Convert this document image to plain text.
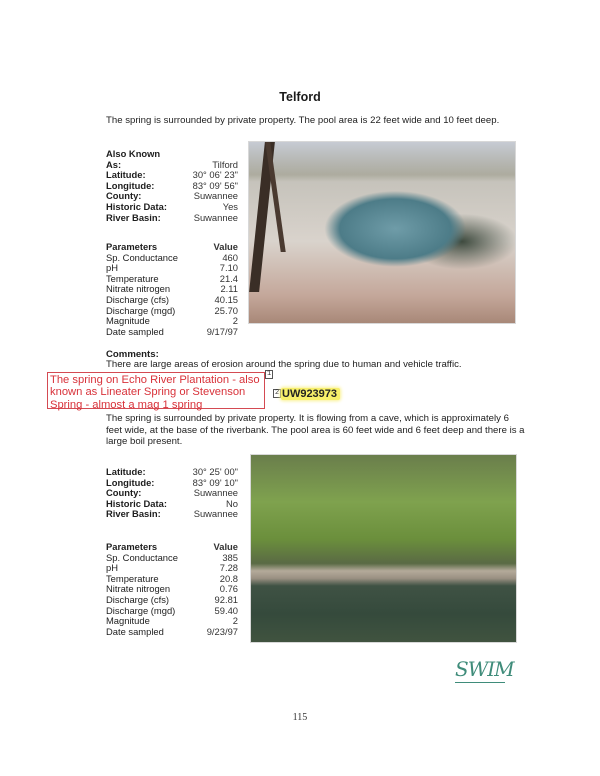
Telford
The spring is surrounded by private property. The pool area is 22 feet wide and 10 feet deep.
Also Known
As:	Tilford
Latitude:	30° 06' 23"
Longitude:	83° 09' 56"
County:	Suwannee
Historic Data:	Yes
River Basin:	Suwannee
Parameters	Value
Sp. Conductance	460
pH	7.10
Temperature	21.4
Nitrate nitrogen	2.11
Discharge (cfs)	40.15
Discharge (mgd)	25.70
Magnitude	2
Date sampled	9/17/97
Comments:
There are large areas of erosion around the spring due to human and vehicle traffic.
The spring on Echo River Plantation - also known as Lineater Spring or Stevenson Spring - almost a mag 1 spring
1
2 UW923973
The spring is surrounded by private property. It is flowing from a cave, which is approximately 6 feet wide, at the base of the riverbank. The pool area is 60 feet wide and 6 feet deep and there is a large boil present.
Latitude:	30° 25' 00"
Longitude:	83° 09' 10"
County:	Suwannee
Historic Data:	No
River Basin:	Suwannee
Parameters	Value
Sp. Conductance	385
pH	7.28
Temperature	20.8
Nitrate nitrogen	0.76
Discharge (cfs)	92.81
Discharge (mgd)	59.40
Magnitude	2
Date sampled	9/23/97
SWIM
115
